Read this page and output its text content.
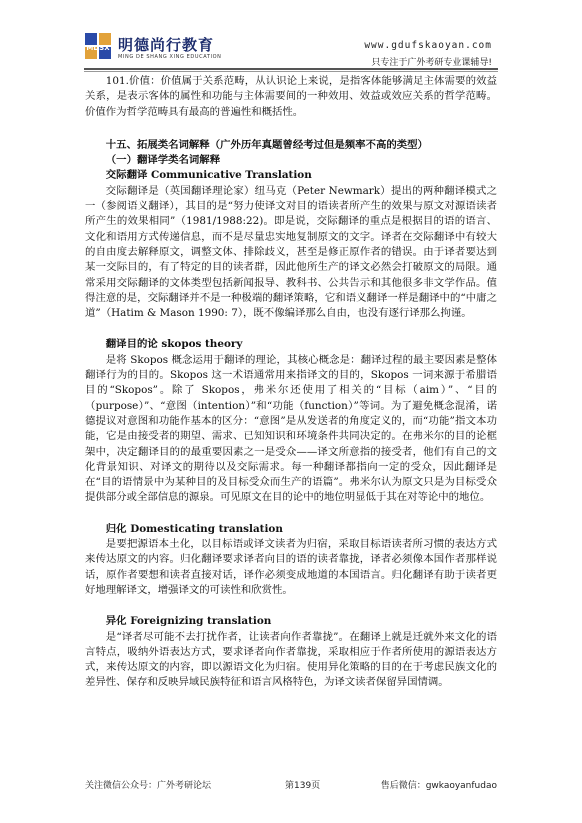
MDSX 明德尚行教育
MING DE SHANG XING EDUCATION
www.gdufskaoyan.com
只专注于广外考研专业课辅导!

101.价值：价值属于关系范畴，从认识论上来说，是指客体能够满足主体需要的效益关系，是表示客体的属性和功能与主体需要间的一种效用、效益或效应关系的哲学范畴。价值作为哲学范畴具有最高的普遍性和概括性。

十五、拓展类名词解释（广外历年真题曾经考过但是频率不高的类型）
（一）翻译学类名词解释
交际翻译 Communicative Translation

交际翻译是（英国翻译理论家）纽马克（Peter Newmark）提出的两种翻译模式之一（参阅语义翻译），其目的是“努力使译文对目的语读者所产生的效果与原文对源语读者所产生的效果相同”（1981/1988:22)。即是说，交际翻译的重点是根据目的语的语言、文化和语用方式传递信息，而不是尽量忠实地复制原文的文字。译者在交际翻译中有较大的自由度去解释原文，调整文体、排除歧义，甚至是修正原作者的错误。由于译者要达到某一交际目的，有了特定的目的读者群，因此他所生产的译文必然会打破原文的局限。通常采用交际翻译的文体类型包括新闻报导、教科书、公共告示和其他很多非文学作品。值得注意的是，交际翻译并不是一种极端的翻译策略，它和语义翻译一样是翻译中的“中庸之道”（Hatim & Mason 1990: 7），既不像编译那么自由，也没有逐行译那么拘谨。

翻译目的论 skopos theory

是将 Skopos 概念运用于翻译的理论，其核心概念是：翻译过程的最主要因素是整体翻译行为的目的。Skopos 这一术语通常用来指译文的目的，Skopos 一词来源于希腊语目的“Skopos”。除了 Skopos，弗米尔还使用了相关的“目标（aim）”、“目的（purpose）”、“意图（intention）”和“功能（function）”等词。为了避免概念混淆，诺德提议对意图和功能作基本的区分：“意图”是从发送者的角度定义的，而“功能”指文本功能，它是由接受者的期望、需求、已知知识和环境条件共同决定的。在弗米尔的目的论框架中，决定翻译目的的最重要因素之一是受众——译文所意指的接受者，他们有自己的文化背景知识、对译文的期待以及交际需求。每一种翻译都指向一定的受众，因此翻译是在“目的语情景中为某种目的及目标受众而生产的语篇”。弗米尔认为原文只是为目标受众提供部分或全部信息的源泉。可见原文在目的论中的地位明显低于其在对等论中的地位。

归化 Domesticating translation

是要把源语本土化，以目标语或译文读者为归宿，采取目标语读者所习惯的表达方式来传达原文的内容。归化翻译要求译者向目的语的读者靠拢，译者必须像本国作者那样说话，原作者要想和读者直接对话，译作必须变成地道的本国语言。归化翻译有助于读者更好地理解译文，增强译文的可读性和欣赏性。

异化 Foreignizing translation

是“译者尽可能不去打扰作者，让读者向作者靠拢”。在翻译上就是迁就外来文化的语言特点，吸纳外语表达方式，要求译者向作者靠拢，采取相应于作者所使用的源语表达方式，来传达原文的内容，即以源语文化为归宿。使用异化策略的目的在于考虑民族文化的差异性、保存和反映异域民族特征和语言风格特色，为译文读者保留异国情调。

关注微信公众号：广外考研论坛	第139页	售后微信：gwkaoyanfudao
